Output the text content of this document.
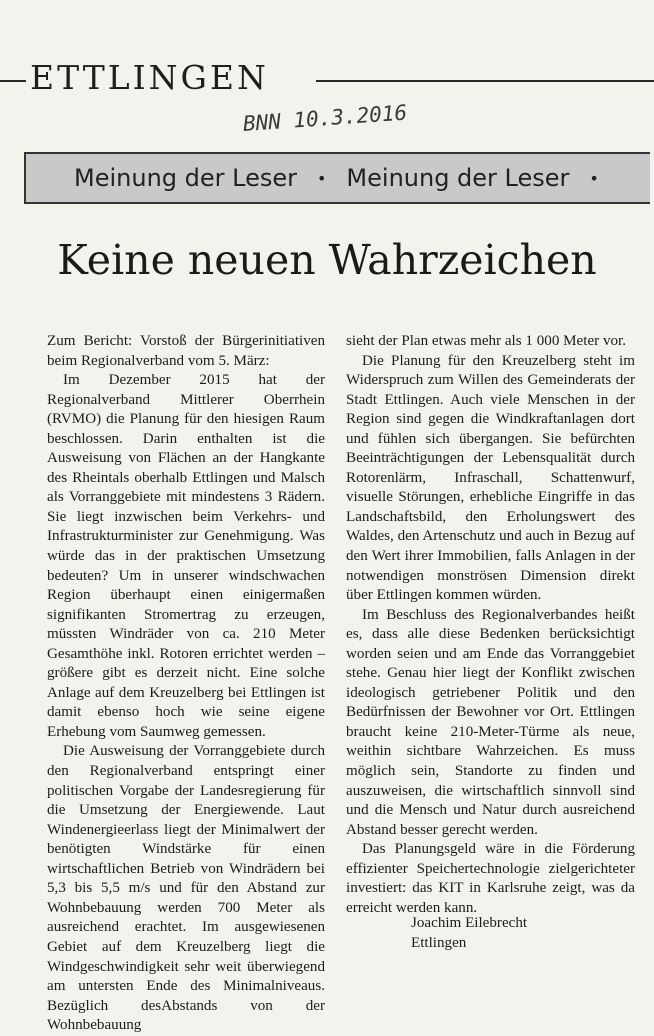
ETTLINGEN
BNN 10.3.2016
Meinung der Leser • Meinung der Leser •
Keine neuen Wahrzeichen

Zum Bericht: Vorstoß der Bürgerinitiativen beim Regionalverband vom 5. März:

Im Dezember 2015 hat der Regionalverband Mittlerer Oberrhein (RVMO) die Planung für den hiesigen Raum beschlossen. Darin enthalten ist die Ausweisung von Flächen an der Hangkante des Rheintals oberhalb Ettlingen und Malsch als Vorranggebiete mit mindestens 3 Rädern. Sie liegt inzwischen beim Verkehrs- und Infrastrukturminister zur Genehmigung. Was würde das in der praktischen Umsetzung bedeuten? Um in unserer windschwachen Region überhaupt einen einigermaßen signifikanten Stromertrag zu erzeugen, müssten Windräder von ca. 210 Meter Gesamthöhe inkl. Rotoren errichtet werden – größere gibt es derzeit nicht. Eine solche Anlage auf dem Kreuzelberg bei Ettlingen ist damit ebenso hoch wie seine eigene Erhebung vom Saumweg gemessen.

Die Ausweisung der Vorranggebiete durch den Regionalverband entspringt einer politischen Vorgabe der Landesregierung für die Umsetzung der Energiewende. Laut Windenergieerlass liegt der Minimalwert der benötigten Windstärke für einen wirtschaftlichen Betrieb von Windrädern bei 5,3 bis 5,5 m/s und für den Abstand zur Wohnbebauung werden 700 Meter als ausreichend erachtet. Im ausgewiesenen Gebiet auf dem Kreuzelberg liegt die Windgeschwindigkeit sehr weit überwiegend am untersten Ende des Minimalniveaus. Bezüglich desAbstands von der Wohnbebauung

sieht der Plan etwas mehr als 1 000 Meter vor.

Die Planung für den Kreuzelberg steht im Widerspruch zum Willen des Gemeinderats der Stadt Ettlingen. Auch viele Menschen in der Region sind gegen die Windkraftanlagen dort und fühlen sich übergangen. Sie befürchten Beeinträchtigungen der Lebensqualität durch Rotorenlärm, Infraschall, Schattenwurf, visuelle Störungen, erhebliche Eingriffe in das Landschaftsbild, den Erholungswert des Waldes, den Artenschutz und auch in Bezug auf den Wert ihrer Immobilien, falls Anlagen in der notwendigen monströsen Dimension direkt über Ettlingen kommen würden.

Im Beschluss des Regionalverbandes heißt es, dass alle diese Bedenken berücksichtigt worden seien und am Ende das Vorranggebiet stehe. Genau hier liegt der Konflikt zwischen ideologisch getriebener Politik und den Bedürfnissen der Bewohner vor Ort. Ettlingen braucht keine 210-Meter-Türme als neue, weithin sichtbare Wahrzeichen. Es muss möglich sein, Standorte zu finden und auszuweisen, die wirtschaftlich sinnvoll sind und die Mensch und Natur durch ausreichend Abstand besser gerecht werden.

Das Planungsgeld wäre in die Förderung effizienter Speichertechnologie zielgerichteter investiert: das KIT in Karlsruhe zeigt, was da erreicht werden kann.

Joachim Eilebrecht
Ettlingen
